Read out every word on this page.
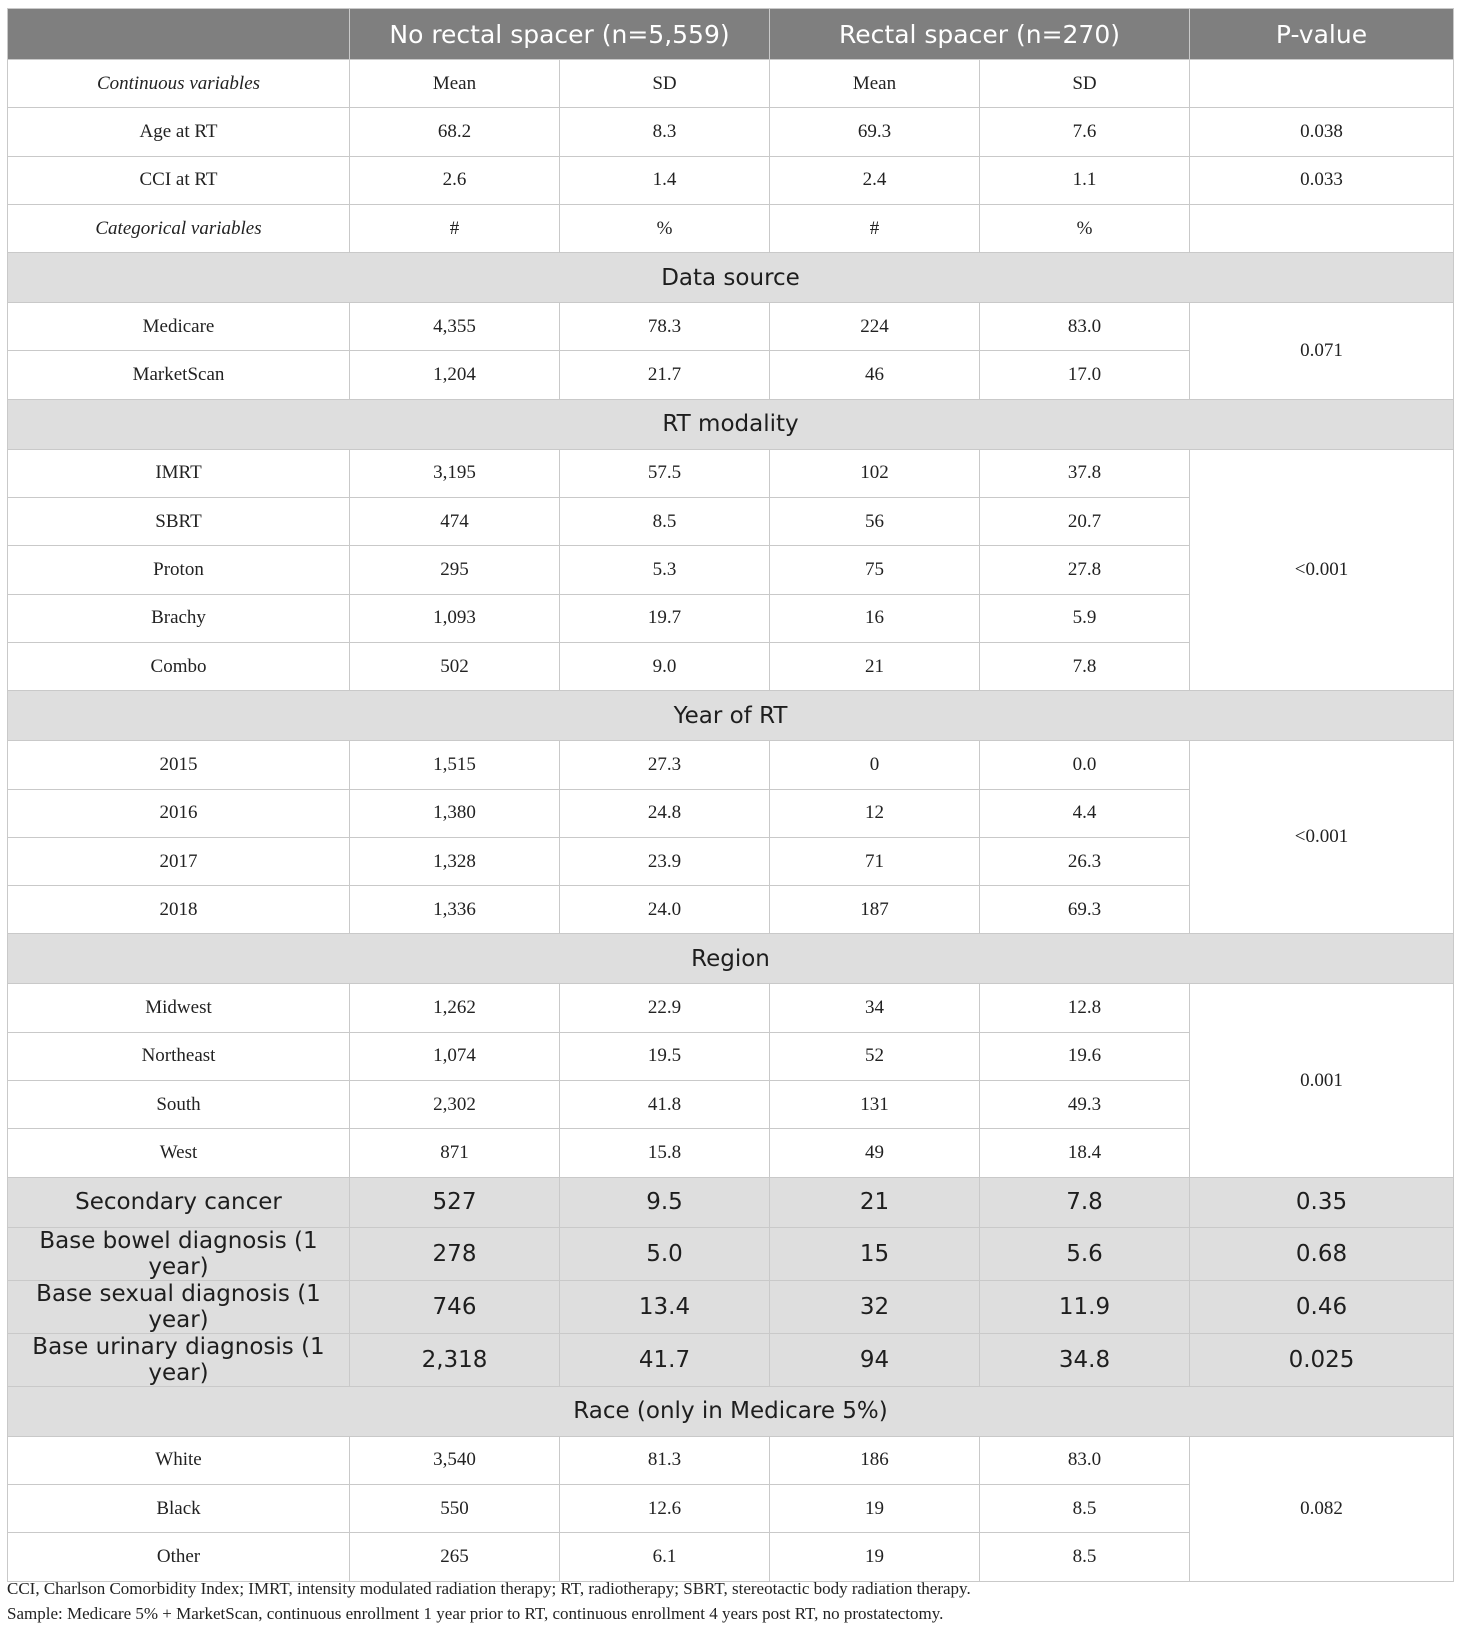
	No rectal spacer (n=5,559)		Rectal spacer (n=270)		P-value
Continuous variables	Mean	SD	Mean	SD	
Age at RT	68.2	8.3	69.3	7.6	0.038
CCI at RT	2.6	1.4	2.4	1.1	0.033
Categorical variables	#	%	#	%	
Data source					
Medicare	4,355	78.3	224	83.0	0.071
MarketScan	1,204	21.7	46	17.0	
RT modality					
IMRT	3,195	57.5	102	37.8	<0.001
SBRT	474	8.5	56	20.7	
Proton	295	5.3	75	27.8	
Brachy	1,093	19.7	16	5.9	
Combo	502	9.0	21	7.8	
Year of RT					
2015	1,515	27.3	0	0.0	<0.001
2016	1,380	24.8	12	4.4	
2017	1,328	23.9	71	26.3	
2018	1,336	24.0	187	69.3	
Region					
Midwest	1,262	22.9	34	12.8	0.001
Northeast	1,074	19.5	52	19.6	
South	2,302	41.8	131	49.3	
West	871	15.8	49	18.4	
Secondary cancer	527	9.5	21	7.8	0.35
Base bowel diagnosis (1 year)	278	5.0	15	5.6	0.68
Base sexual diagnosis (1 year)	746	13.4	32	11.9	0.46
Base urinary diagnosis (1 year)	2,318	41.7	94	34.8	0.025
Race (only in Medicare 5%)					
White	3,540	81.3	186	83.0	0.082
Black	550	12.6	19	8.5	
Other	265	6.1	19	8.5	

CCI, Charlson Comorbidity Index; IMRT, intensity modulated radiation therapy; RT, radiotherapy; SBRT, stereotactic body radiation therapy.

Sample: Medicare 5% + MarketScan, continuous enrollment 1 year prior to RT, continuous enrollment 4 years post RT, no prostatectomy.
